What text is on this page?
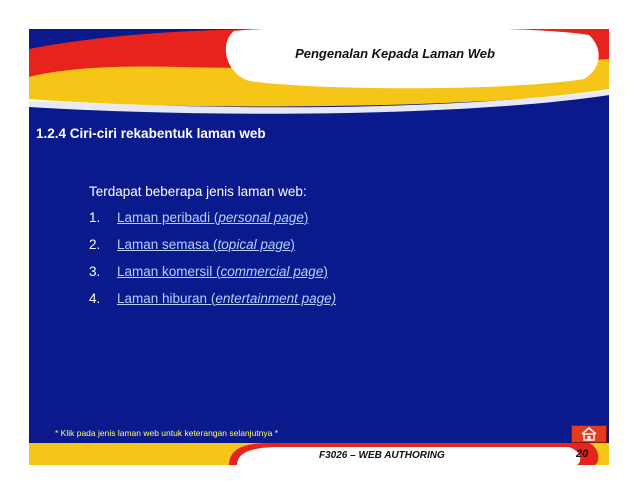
Pengenalan Kepada Laman Web
1.2.4 Ciri-ciri rekabentuk laman web
Terdapat beberapa jenis laman web:
1. Laman peribadi (personal page)
2. Laman semasa (topical page)
3. Laman komersil (commercial page)
4. Laman hiburan (entertainment page)
* Klik pada jenis laman web untuk keterangan selanjutnya *
F3026 – WEB AUTHORING	20
